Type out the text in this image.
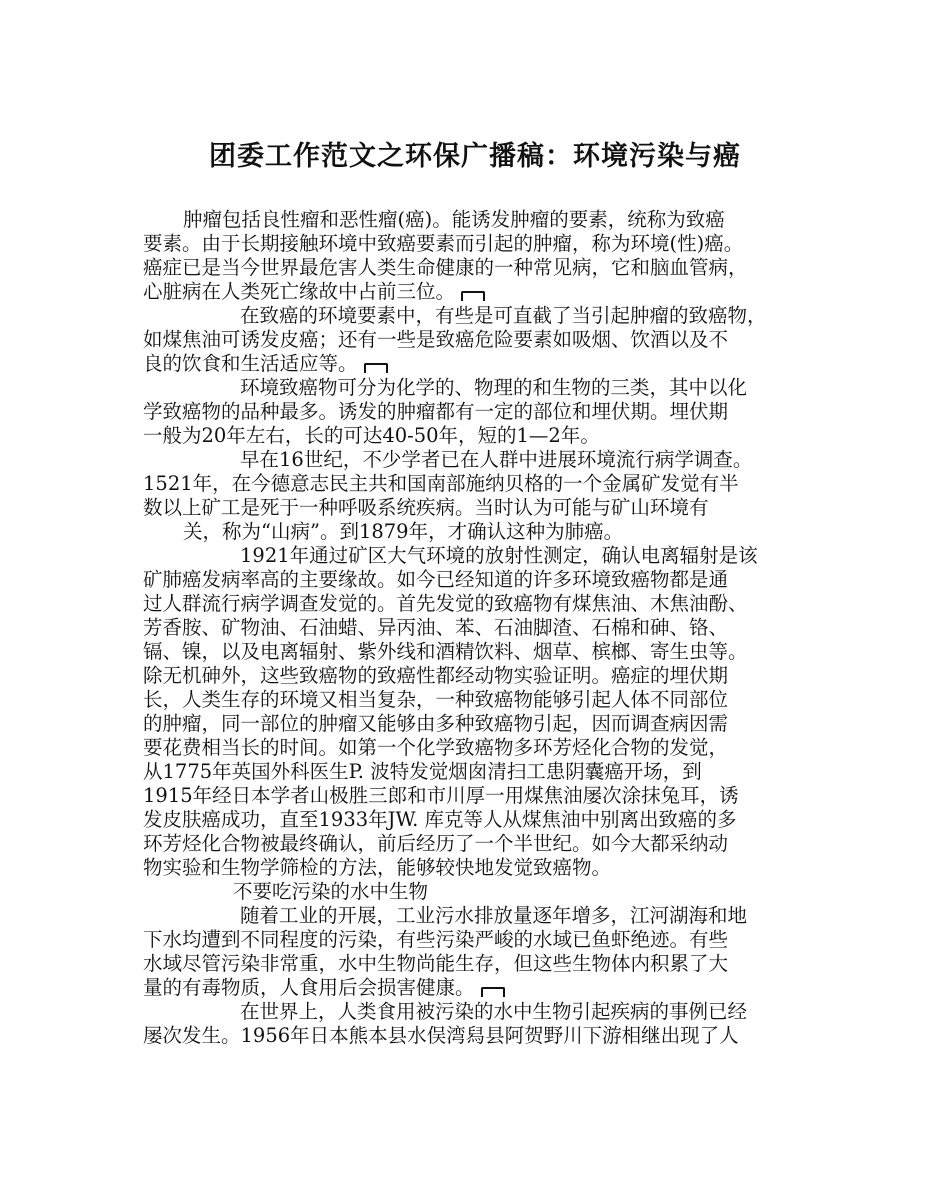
团委工作范文之环保广播稿：环境污染与癌
肿瘤包括良性瘤和恶性瘤(癌)。能诱发肿瘤的要素，统称为致癌
要素。由于长期接触环境中致癌要素而引起的肿瘤，称为环境(性)癌。
癌症已是当今世界最危害人类生命健康的一种常见病，它和脑血管病，
心脏病在人类死亡缘故中占前三位。
在致癌的环境要素中，有些是可直截了当引起肿瘤的致癌物，
如煤焦油可诱发皮癌；还有一些是致癌危险要素如吸烟、饮酒以及不
良的饮食和生活适应等。
环境致癌物可分为化学的、物理的和生物的三类，其中以化
学致癌物的品种最多。诱发的肿瘤都有一定的部位和埋伏期。埋伏期
一般为20年左右，长的可达40-50年，短的1—2年。
早在16世纪，不少学者已在人群中进展环境流行病学调查。
1521年，在今德意志民主共和国南部施纳贝格的一个金属矿发觉有半
数以上矿工是死于一种呼吸系统疾病。当时认为可能与矿山环境有
关，称为“山病”。到1879年，才确认这种为肺癌。
1921年通过矿区大气环境的放射性测定，确认电离辐射是该
矿肺癌发病率高的主要缘故。如今已经知道的许多环境致癌物都是通
过人群流行病学调查发觉的。首先发觉的致癌物有煤焦油、木焦油酚、
芳香胺、矿物油、石油蜡、异丙油、苯、石油脚渣、石棉和砷、铬、
镉、镍，以及电离辐射、紫外线和酒精饮料、烟草、槟榔、寄生虫等。
除无机砷外，这些致癌物的致癌性都经动物实验证明。癌症的埋伏期
长，人类生存的环境又相当复杂，一种致癌物能够引起人体不同部位
的肿瘤，同一部位的肿瘤又能够由多种致癌物引起，因而调查病因需
要花费相当长的时间。如第一个化学致癌物多环芳烃化合物的发觉，
从1775年英国外科医生P. 波特发觉烟囱清扫工患阴囊癌开场，到
1915年经日本学者山极胜三郎和市川厚一用煤焦油屡次涂抹兔耳，诱
发皮肤癌成功，直至1933年JW. 库克等人从煤焦油中别离出致癌的多
环芳烃化合物被最终确认，前后经历了一个半世纪。如今大都采纳动
物实验和生物学筛检的方法，能够较快地发觉致癌物。
不要吃污染的水中生物
随着工业的开展，工业污水排放量逐年增多，江河湖海和地
下水均遭到不同程度的污染，有些污染严峻的水域已鱼虾绝迹。有些
水域尽管污染非常重，水中生物尚能生存，但这些生物体内积累了大
量的有毒物质，人食用后会损害健康。
在世界上，人类食用被污染的水中生物引起疾病的事例已经
屡次发生。1956年日本熊本县水俣湾舄县阿贺野川下游相继出现了人
